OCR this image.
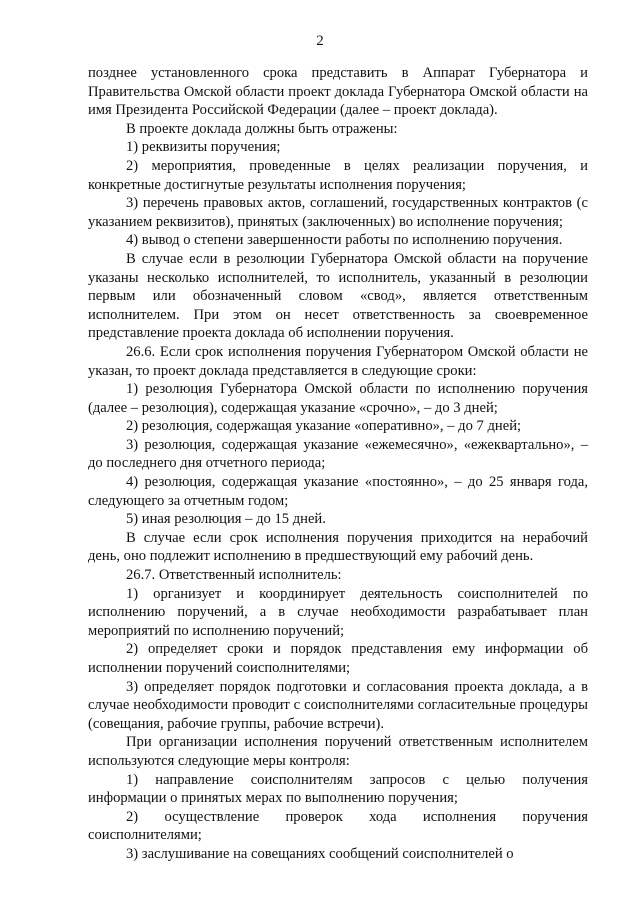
2

позднее установленного срока представить в Аппарат Губернатора и Правительства Омской области проект доклада Губернатора Омской области на имя Президента Российской Федерации (далее – проект доклада).

В проекте доклада должны быть отражены:

1) реквизиты поручения;

2) мероприятия, проведенные в целях реализации поручения, и конкретные достигнутые результаты исполнения поручения;

3) перечень правовых актов, соглашений, государственных контрактов (с указанием реквизитов), принятых (заключенных) во исполнение поручения;

4) вывод о степени завершенности работы по исполнению поручения.

В случае если в резолюции Губернатора Омской области на поручение указаны несколько исполнителей, то исполнитель, указанный в резолюции первым или обозначенный словом «свод», является ответственным исполнителем. При этом он несет ответственность за своевременное представление проекта доклада об исполнении поручения.

26.6. Если срок исполнения поручения Губернатором Омской области не указан, то проект доклада представляется в следующие сроки:

1) резолюция Губернатора Омской области по исполнению поручения (далее – резолюция), содержащая указание «срочно», – до 3 дней;

2) резолюция, содержащая указание «оперативно», – до 7 дней;

3) резолюция, содержащая указание «ежемесячно», «ежеквартально», – до последнего дня отчетного периода;

4) резолюция, содержащая указание «постоянно», – до 25 января года, следующего за отчетным годом;

5) иная резолюция – до 15 дней.

В случае если срок исполнения поручения приходится на нерабочий день, оно подлежит исполнению в предшествующий ему рабочий день.

26.7. Ответственный исполнитель:

1) организует и координирует деятельность соисполнителей по исполнению поручений, а в случае необходимости разрабатывает план мероприятий по исполнению поручений;

2) определяет сроки и порядок представления ему информации об исполнении поручений соисполнителями;

3) определяет порядок подготовки и согласования проекта доклада, а в случае необходимости проводит с соисполнителями согласительные процедуры (совещания, рабочие группы, рабочие встречи).

При организации исполнения поручений ответственным исполнителем используются следующие меры контроля:

1) направление соисполнителям запросов с целью получения информации о принятых мерах по выполнению поручения;

2) осуществление проверок хода исполнения поручения соисполнителями;

3) заслушивание на совещаниях сообщений соисполнителей о
